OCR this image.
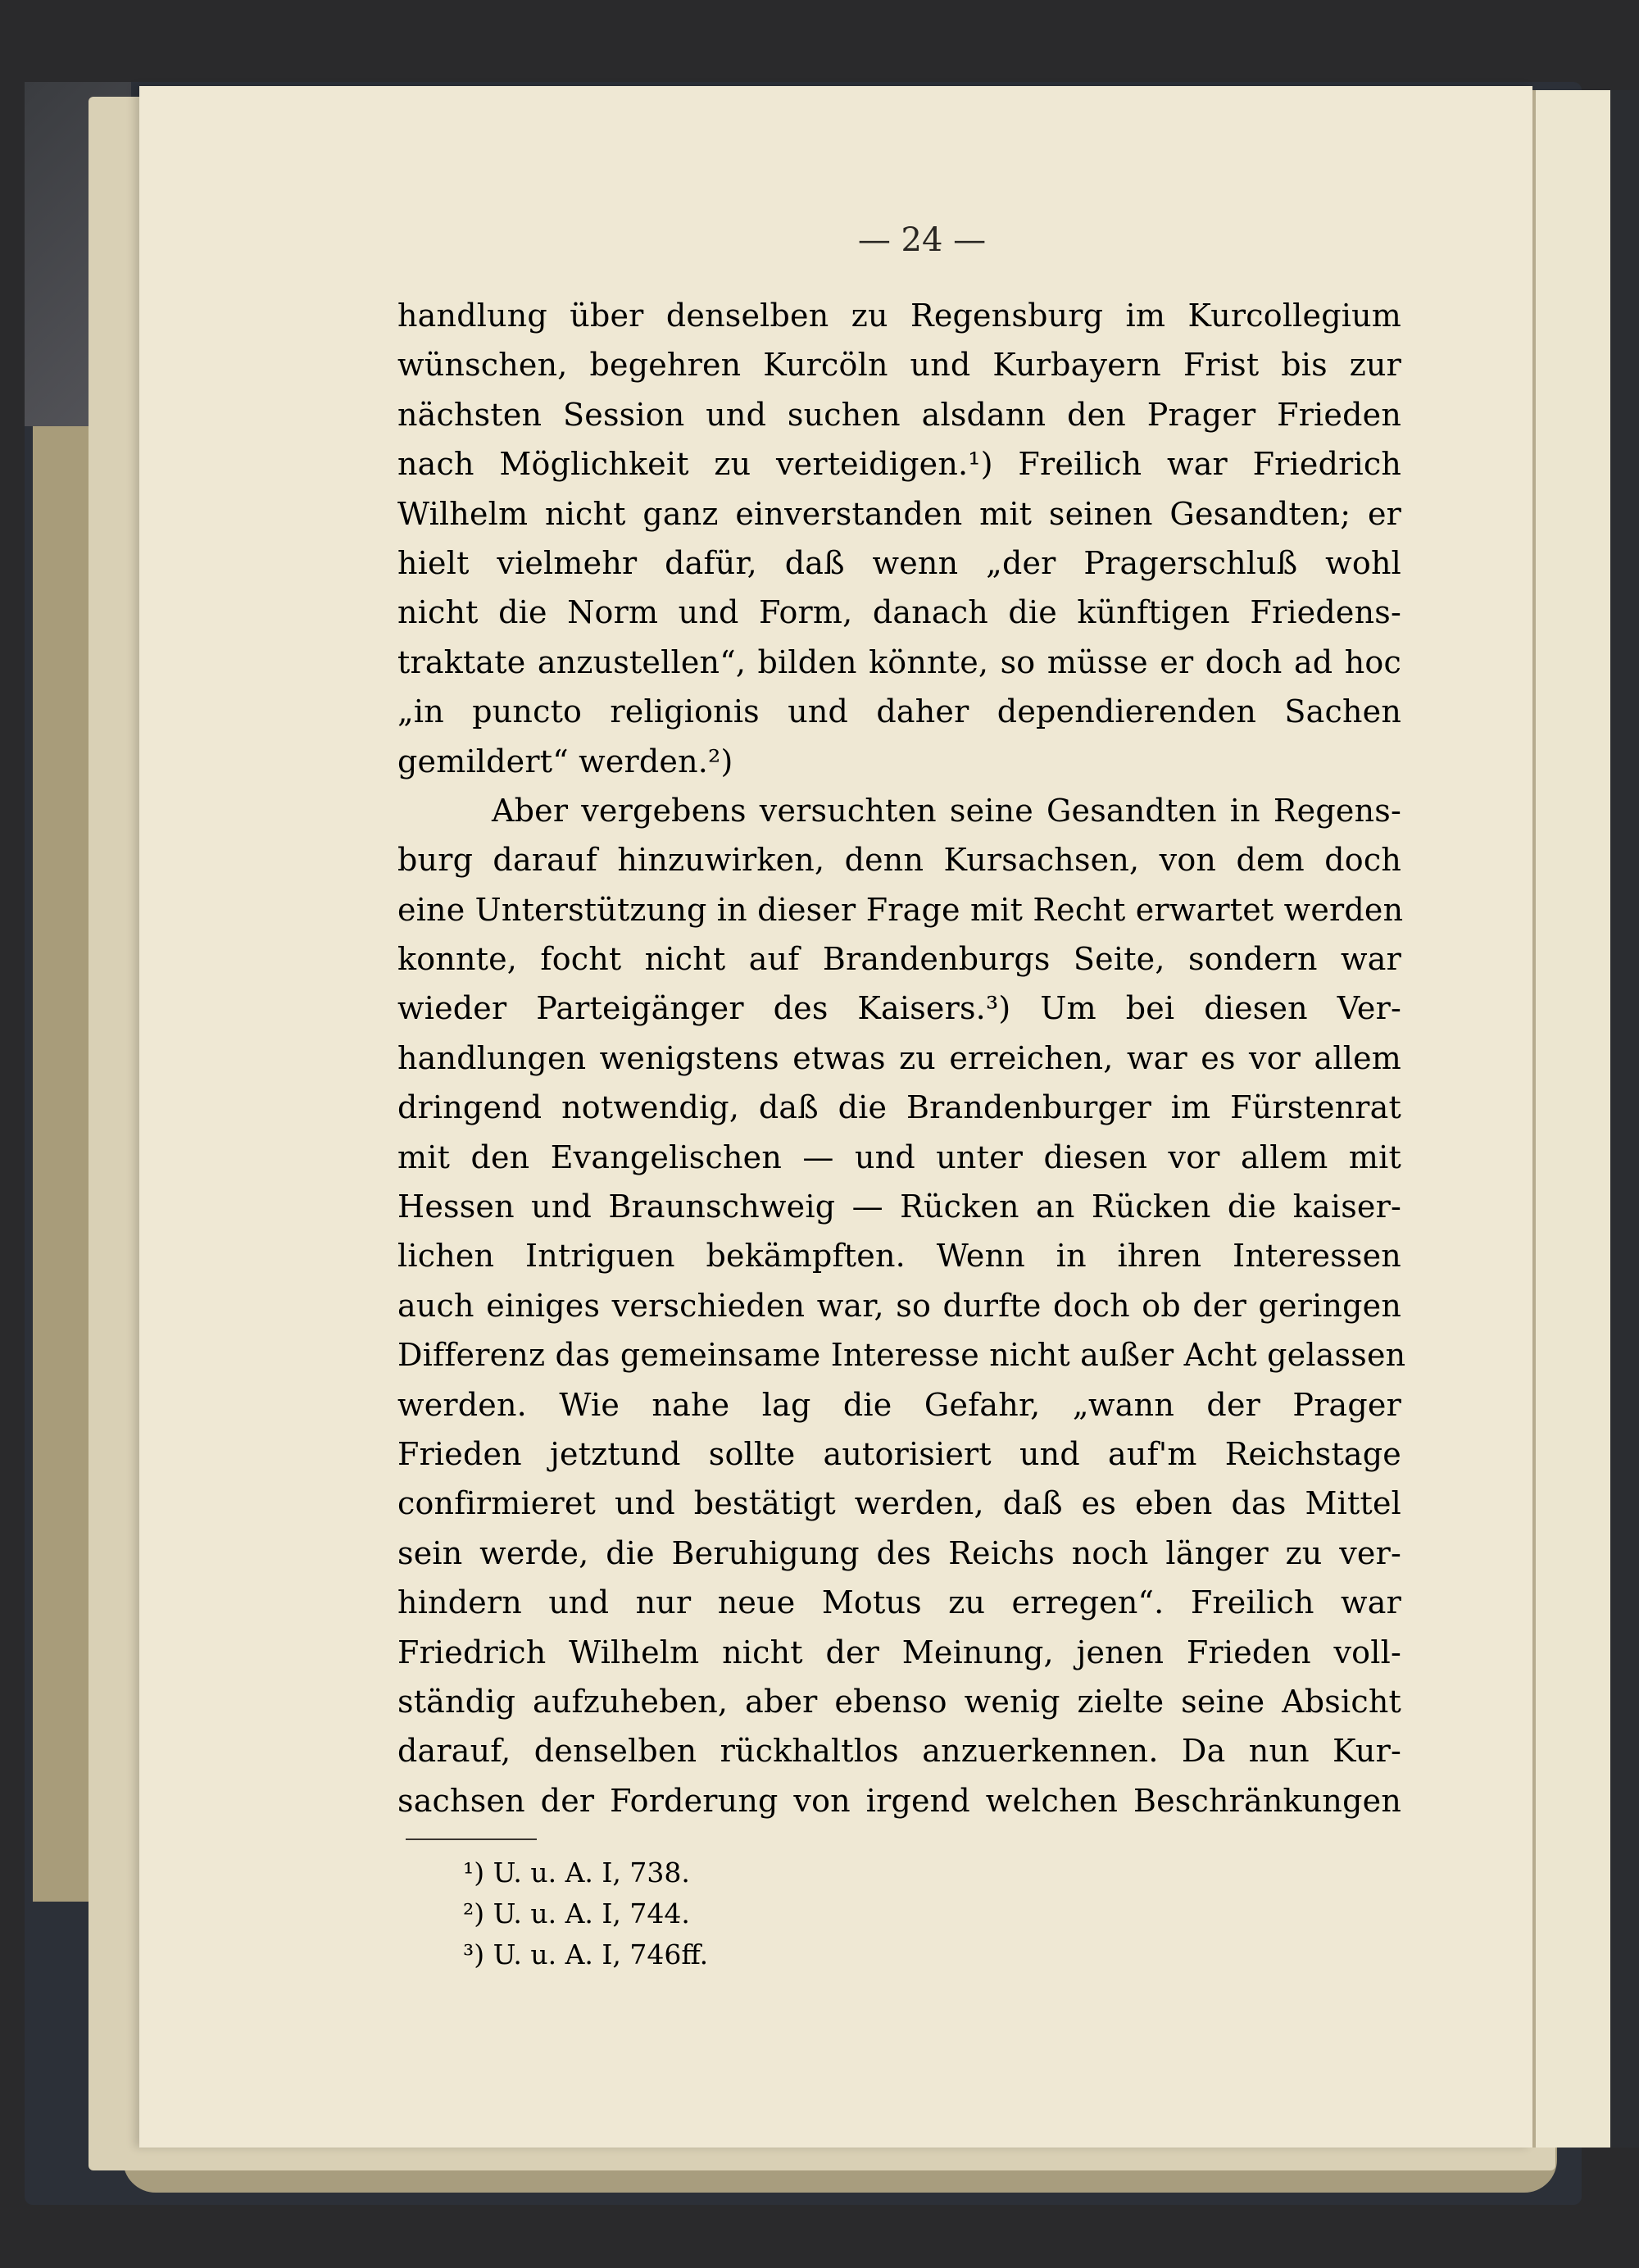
— 24 —
handlung über denselben zu Regensburg im Kurcollegium
wünschen, begehren Kurcöln und Kurbayern Frist bis zur
nächsten Session und suchen alsdann den Prager Frieden
nach Möglichkeit zu verteidigen.¹) Freilich war Friedrich
Wilhelm nicht ganz einverstanden mit seinen Gesandten; er
hielt vielmehr dafür, daß wenn „der Pragerschluß wohl
nicht die Norm und Form, danach die künftigen Friedens-
traktate anzustellen“, bilden könnte, so müsse er doch ad hoc
„in puncto religionis und daher dependierenden Sachen
gemildert“ werden.²)
Aber vergebens versuchten seine Gesandten in Regens-
burg darauf hinzuwirken, denn Kursachsen, von dem doch
eine Unterstützung in dieser Frage mit Recht erwartet werden
konnte, focht nicht auf Brandenburgs Seite, sondern war
wieder Parteigänger des Kaisers.³) Um bei diesen Ver-
handlungen wenigstens etwas zu erreichen, war es vor allem
dringend notwendig, daß die Brandenburger im Fürstenrat
mit den Evangelischen — und unter diesen vor allem mit
Hessen und Braunschweig — Rücken an Rücken die kaiser-
lichen Intriguen bekämpften. Wenn in ihren Interessen
auch einiges verschieden war, so durfte doch ob der geringen
Differenz das gemeinsame Interesse nicht außer Acht gelassen
werden. Wie nahe lag die Gefahr, „wann der Prager
Frieden jetztund sollte autorisiert und auf'm Reichstage
confirmieret und bestätigt werden, daß es eben das Mittel
sein werde, die Beruhigung des Reichs noch länger zu ver-
hindern und nur neue Motus zu erregen“. Freilich war
Friedrich Wilhelm nicht der Meinung, jenen Frieden voll-
ständig aufzuheben, aber ebenso wenig zielte seine Absicht
darauf, denselben rückhaltlos anzuerkennen. Da nun Kur-
sachsen der Forderung von irgend welchen Beschränkungen
¹) U. u. A. I, 738.
²) U. u. A. I, 744.
³) U. u. A. I, 746ff.
